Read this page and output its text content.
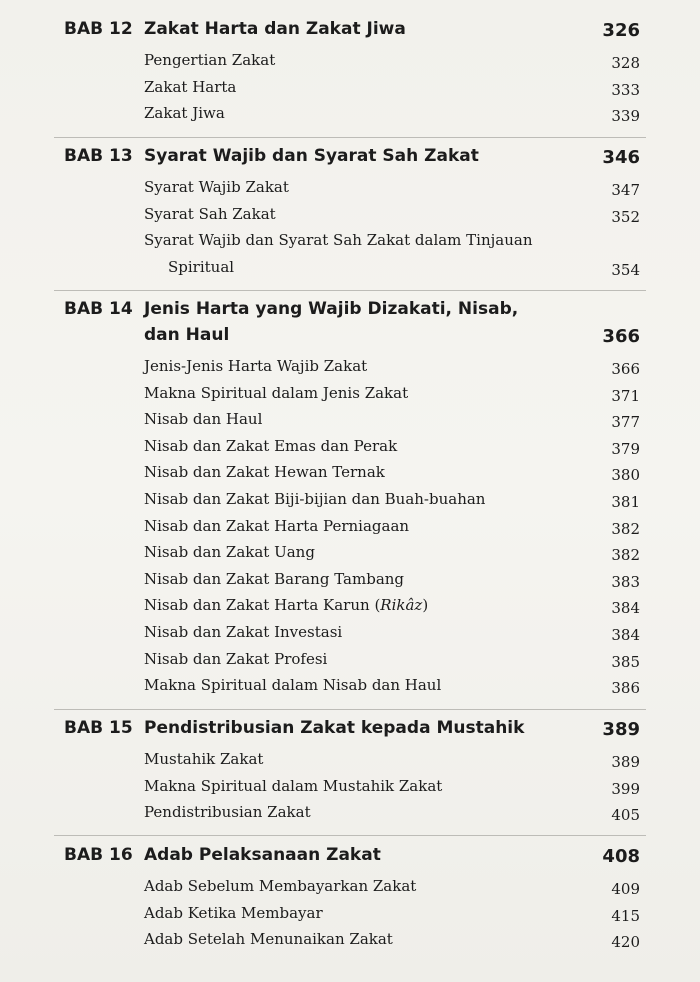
BAB 12 Zakat Harta dan Zakat Jiwa	326
Pengertian Zakat	328
Zakat Harta	333
Zakat Jiwa	339
BAB 13 Syarat Wajib dan Syarat Sah Zakat	346
Syarat Wajib Zakat	347
Syarat Sah Zakat	352
Syarat Wajib dan Syarat Sah Zakat dalam Tinjauan
Spiritual	354
BAB 14 Jenis Harta yang Wajib Dizakati, Nisab, dan Haul	366
Jenis-Jenis Harta Wajib Zakat	366
Makna Spiritual dalam Jenis Zakat	371
Nisab dan Haul	377
Nisab dan Zakat Emas dan Perak	379
Nisab dan Zakat Hewan Ternak	380
Nisab dan Zakat Biji-bijian dan Buah-buahan	381
Nisab dan Zakat Harta Perniagaan	382
Nisab dan Zakat Uang	382
Nisab dan Zakat Barang Tambang	383
Nisab dan Zakat Harta Karun (Rikâz)	384
Nisab dan Zakat Investasi	384
Nisab dan Zakat Profesi	385
Makna Spiritual dalam Nisab dan Haul	386
BAB 15 Pendistribusian Zakat kepada Mustahik	389
Mustahik Zakat	389
Makna Spiritual dalam Mustahik Zakat	399
Pendistribusian Zakat	405
BAB 16 Adab Pelaksanaan Zakat	408
Adab Sebelum Membayarkan Zakat	409
Adab Ketika Membayar	415
Adab Setelah Menunaikan Zakat	420
